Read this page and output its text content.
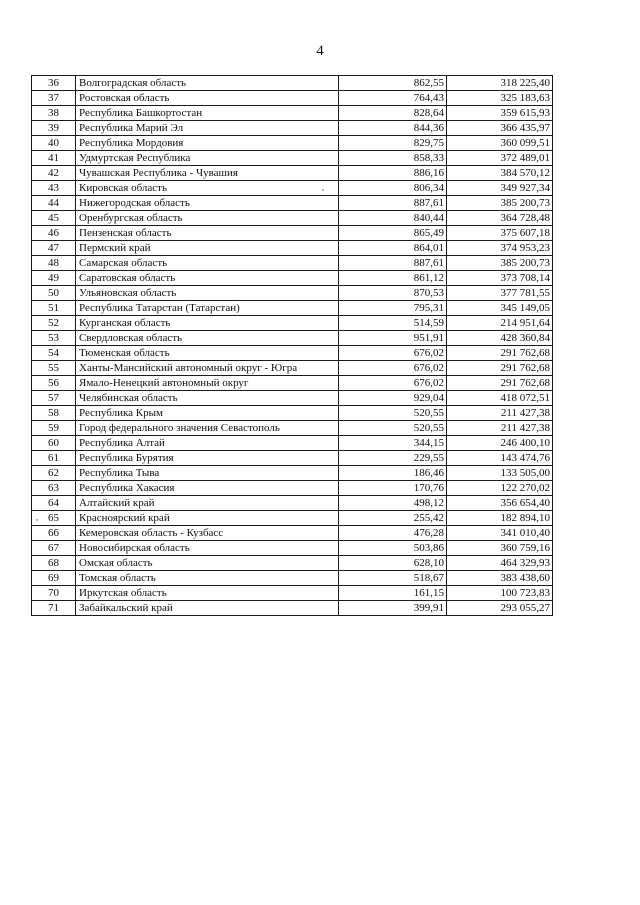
4
36	Волгоградская область	862,55	318 225,40
37	Ростовская область	764,43	325 183,63
38	Республика Башкортостан	828,64	359 615,93
39	Республика Марий Эл	844,36	366 435,97
40	Республика Мордовия	829,75	360 099,51
41	Удмуртская Республика	858,33	372 489,01
42	Чувашская Республика - Чувашия	886,16	384 570,12
43	Кировская область	806,34	349 927,34
44	Нижегородская область	887,61	385 200,73
45	Оренбургская область	840,44	364 728,48
46	Пензенская область	865,49	375 607,18
47	Пермский край	864,01	374 953,23
48	Самарская область	887,61	385 200,73
49	Саратовская область	861,12	373 708,14
50	Ульяновская область	870,53	377 781,55
51	Республика Татарстан (Татарстан)	795,31	345 149,05
52	Курганская область	514,59	214 951,64
53	Свердловская область	951,91	428 360,84
54	Тюменская область	676,02	291 762,68
55	Ханты-Мансийский автономный округ - Югра	676,02	291 762,68
56	Ямало-Ненецкий автономный округ	676,02	291 762,68
57	Челябинская область	929,04	418 072,51
58	Республика Крым	520,55	211 427,38
59	Город федерального значения Севастополь	520,55	211 427,38
60	Республика Алтай	344,15	246 400,10
61	Республика Бурятия	229,55	143 474,76
62	Республика Тыва	186,46	133 505,00
63	Республика Хакасия	170,76	122 270,02
64	Алтайский край	498,12	356 654,40
65	Красноярский край	255,42	182 894,10
66	Кемеровская область - Кузбасс	476,28	341 010,40
67	Новосибирская область	503,86	360 759,16
68	Омская область	628,10	464 329,93
69	Томская область	518,67	383 438,60
70	Иркутская область	161,15	100 723,83
71	Забайкальский край	399,91	293 055,27
